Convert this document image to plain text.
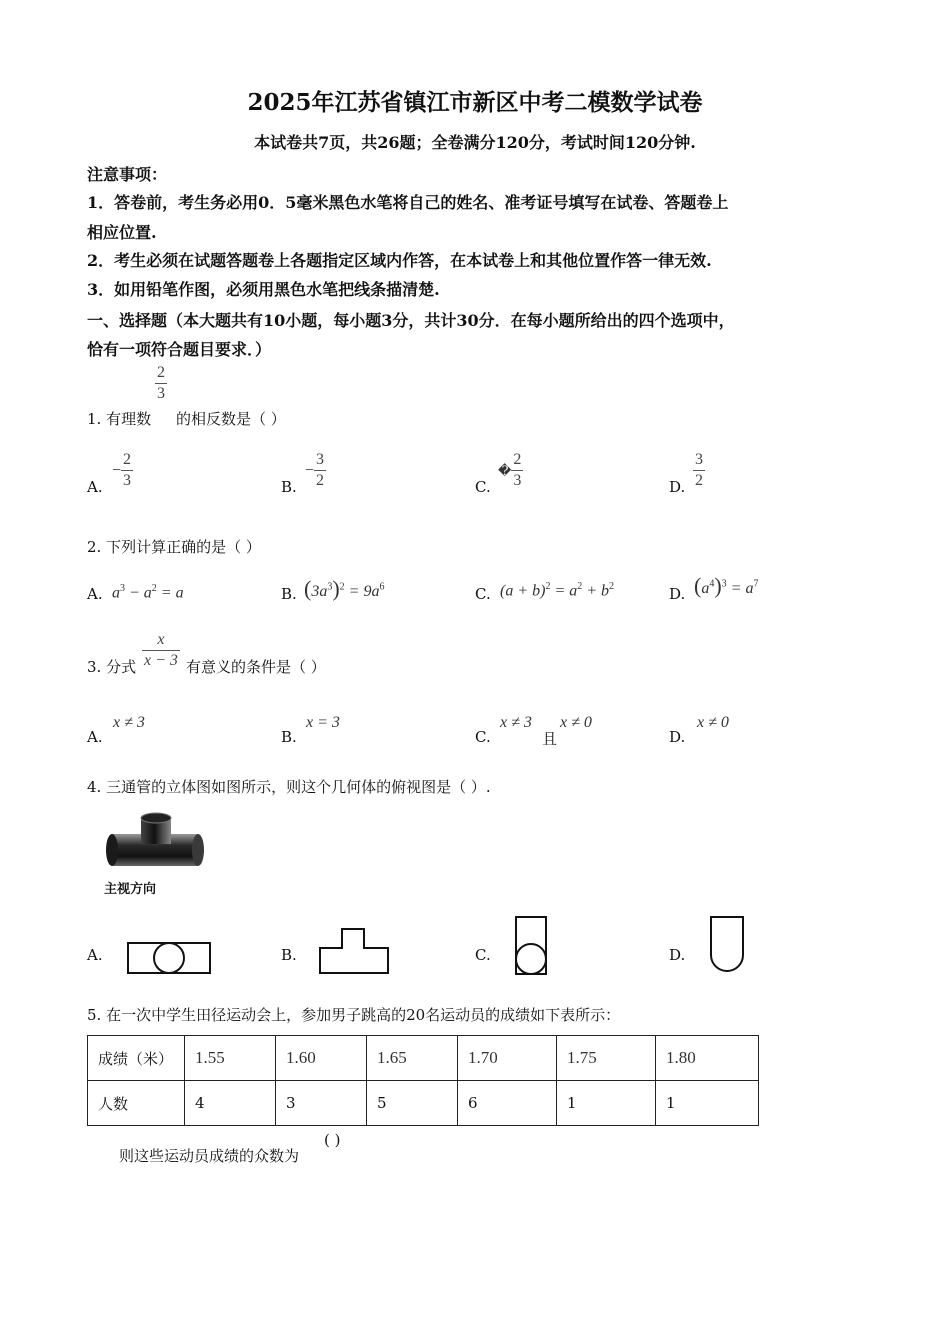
2025年江苏省镇江市新区中考二模数学试卷
本试卷共7页，共26题；全卷满分120分，考试时间120分钟.
注意事项：
1．答卷前，考生务必用0．5毫米黑色水笔将自己的姓名、准考证号填写在试卷、答题卷上
相应位置.
2．考生必须在试题答题卷上各题指定区域内作答，在本试卷上和其他位置作答一律无效.
3．如用铅笔作图，必须用黑色水笔把线条描清楚.
一、选择题（本大题共有10小题，每小题3分，共计30分．在每小题所给出的四个选项中，
恰有一项符合题目要求．）
1. 有理数
$\frac{2}{3}$
的相反数是（ ）
A.
− $\frac{2}{3}$	B.
− $\frac{3}{2}$	C.
� $\frac{2}{3}$	D. $\frac{3}{2}$
2. 下列计算正确的是（ ）
A. $a^3 - a^2 = a$	B. $(3a^3)^2 = 9a^6$	C. $(a + b)^2 = a^2 + b^2$	D. $(a^4)^3 = a^7$
3. 分式 $\frac{x}{x - 3}$ 有意义的条件是（ ）
A.
x ≠ 3
B.
x = 3
C.
x ≠ 3
且
x ≠ 0
D.
x ≠ 0
4. 三通管的立体图如图所示，则这个几何体的俯视图是（ ）.
主视方向
A.	B.	C.	D.
5. 在一次中学生田径运动会上，参加男子跳高的20名运动员的成绩如下表所示：
成绩（米）	1.55	1.60	1.65	1.70	1.75	1.80
人数	4	3	5	6	1	1
则这些运动员成绩的众数为
( )
